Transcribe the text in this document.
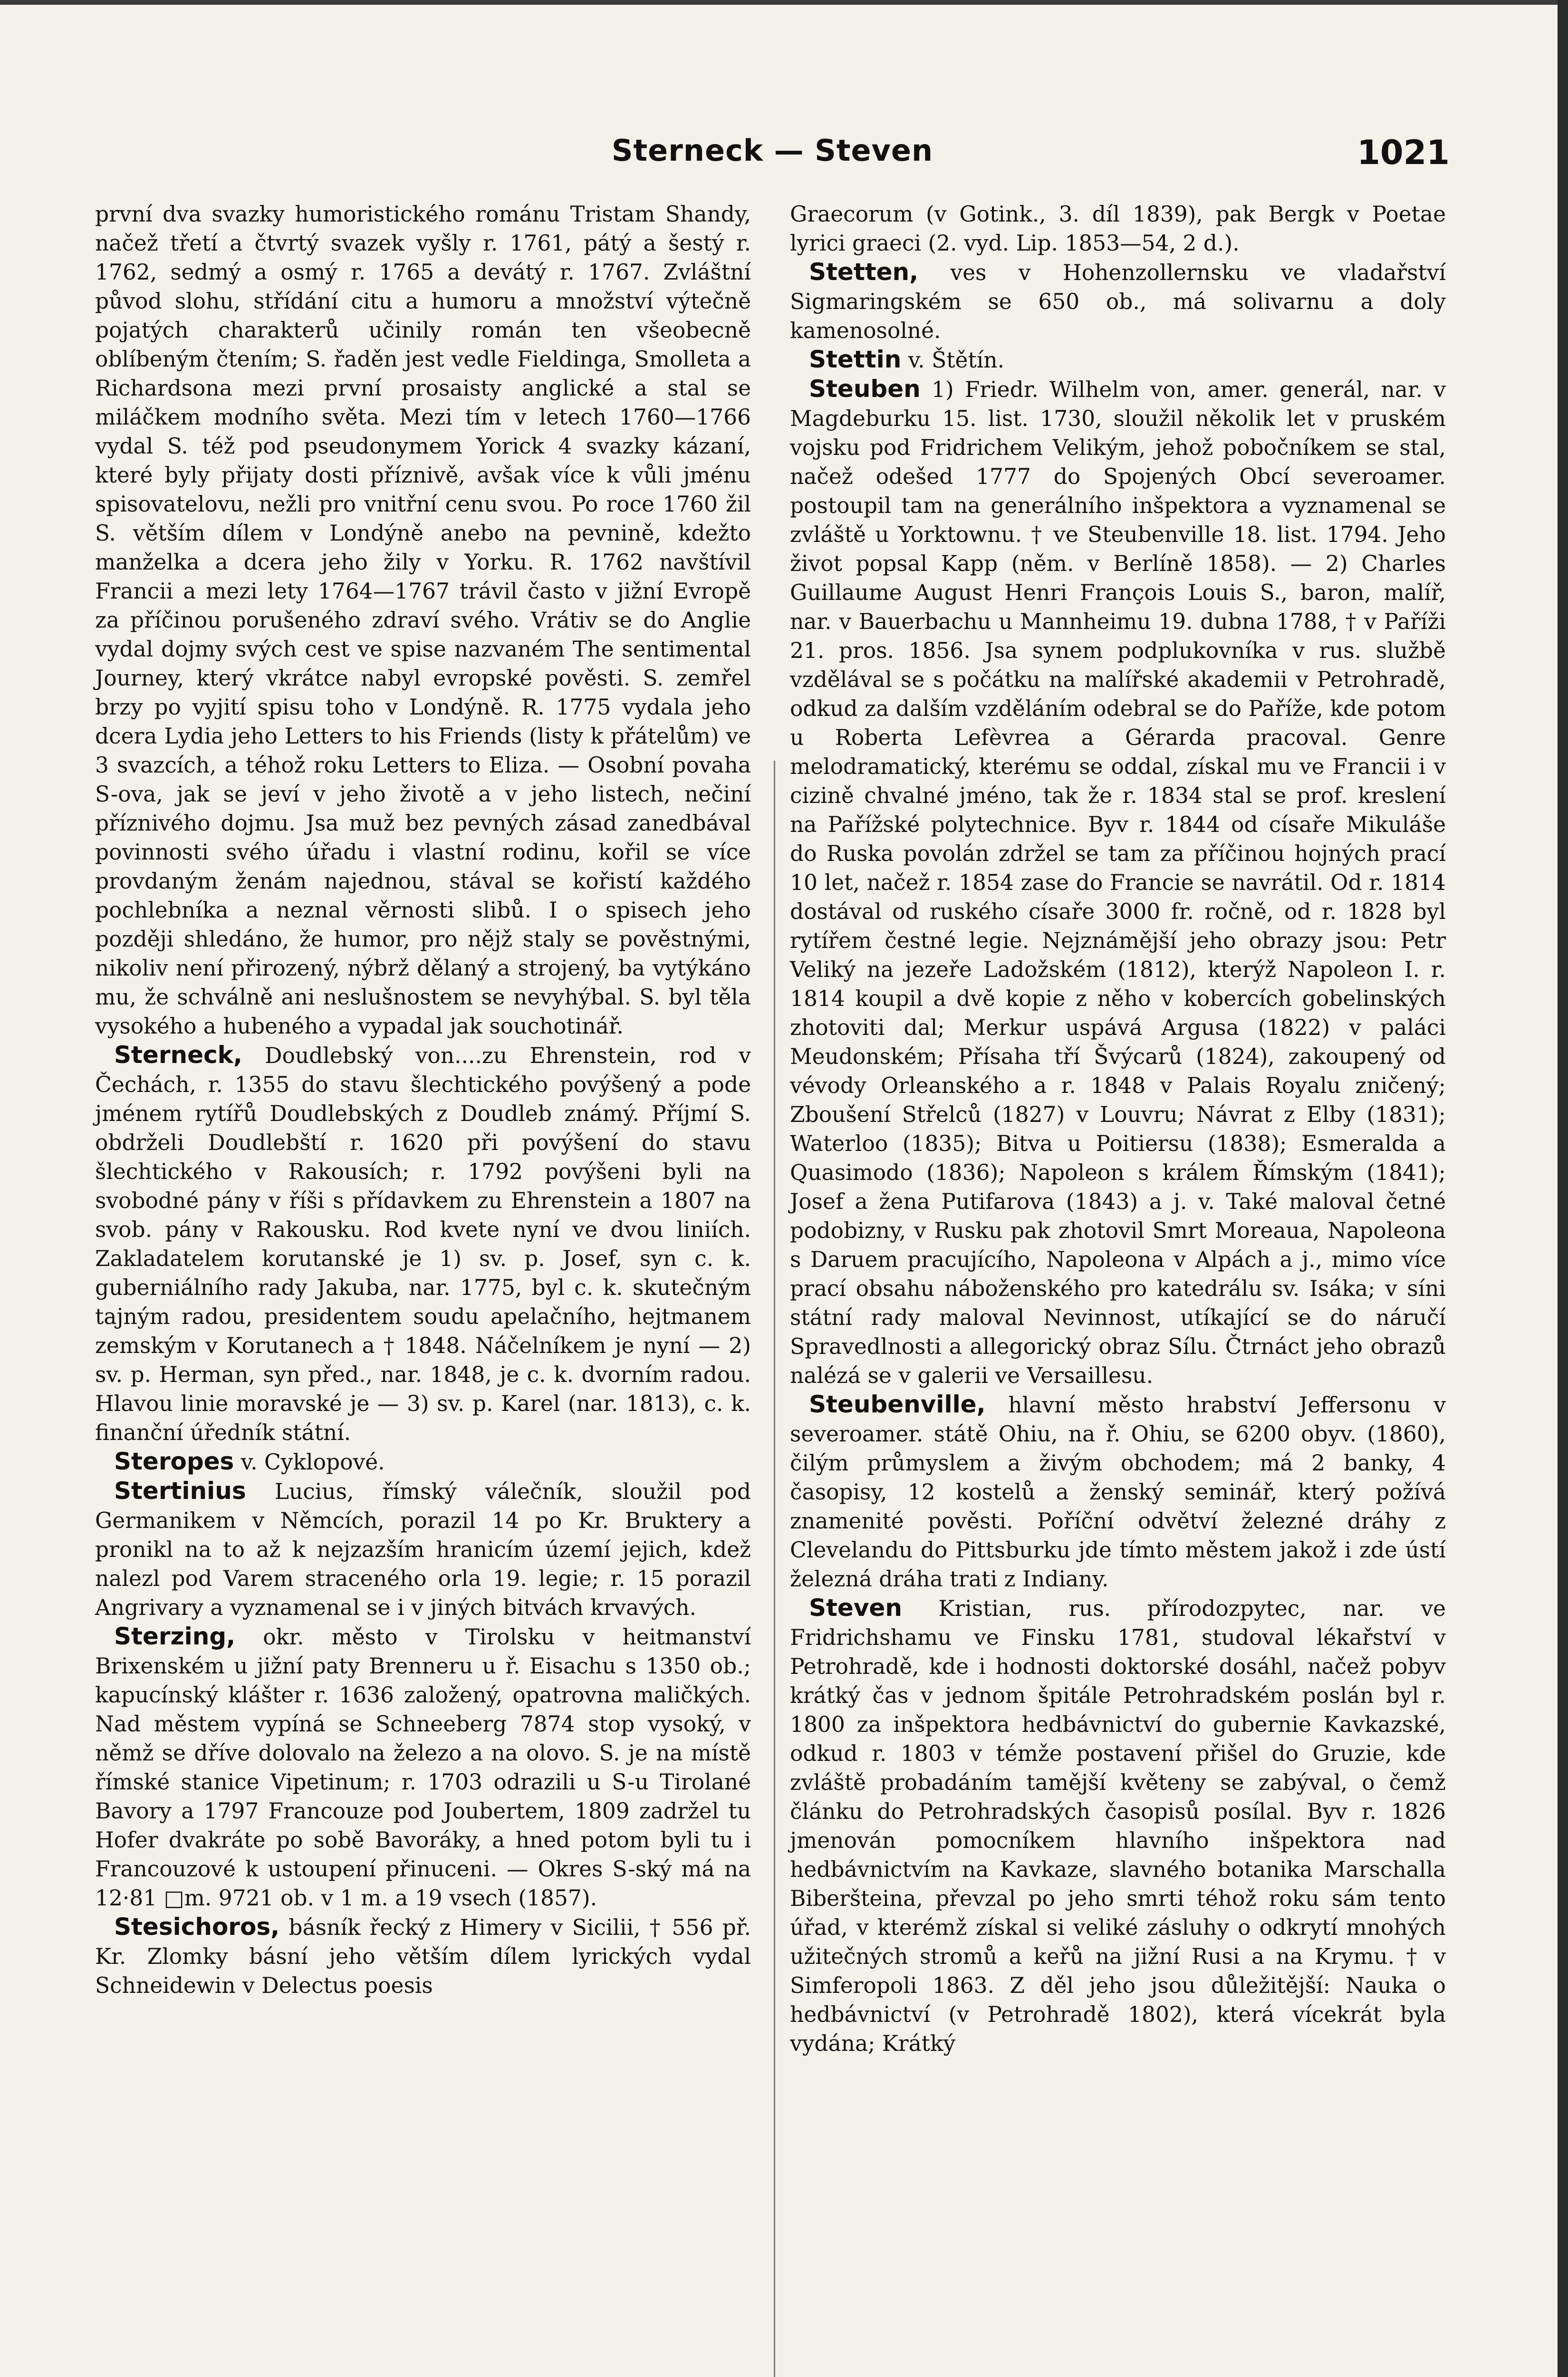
Sterneck — Steven	1021

první dva svazky humoristického románu Tristam Shandy, načež třetí a čtvrtý svazek vyšly r. 1761, pátý a šestý r. 1762, sedmý a osmý r. 1765 a devátý r. 1767. Zvláštní původ slohu, střídání citu a humoru a množství výtečně pojatých charakterů učinily román ten všeobecně oblíbeným čtením; S. řaděn jest vedle Fieldinga, Smolleta a Richardsona mezi první prosaisty anglické a stal se miláčkem modního světa. Mezi tím v letech 1760—1766 vydal S. též pod pseudonymem Yorick 4 svazky kázaní, které byly přijaty dosti příznivě, avšak více k vůli jménu spisovatelovu, nežli pro vnitřní cenu svou. Po roce 1760 žil S. větším dílem v Londýně anebo na pevnině, kdežto manželka a dcera jeho žily v Yorku. R. 1762 navštívil Francii a mezi lety 1764—1767 trávil často v jižní Evropě za příčinou porušeného zdraví svého. Vrátiv se do Anglie vydal dojmy svých cest ve spise nazvaném The sentimental Journey, který vkrátce nabyl evropské pověsti. S. zemřel brzy po vyjití spisu toho v Londýně. R. 1775 vydala jeho dcera Lydia jeho Letters to his Friends (listy k přátelům) ve 3 svazcích, a téhož roku Letters to Eliza. — Osobní povaha S-ova, jak se jeví v jeho životě a v jeho listech, nečiní příznivého dojmu. Jsa muž bez pevných zásad zanedbával povinnosti svého úřadu i vlastní rodinu, kořil se více provdaným ženám najednou, stával se kořistí každého pochlebníka a neznal věrnosti slibů. I o spisech jeho později shledáno, že humor, pro nějž staly se pověstnými, nikoliv není přirozený, nýbrž dělaný a strojený, ba vytýkáno mu, že schválně ani neslušnostem se nevyhýbal. S. byl těla vysokého a hubeného a vypadal jak souchotinář.

Sterneck, Doudlebský von....zu Ehrenstein, rod v Čechách, r. 1355 do stavu šlechtického povýšený a pode jménem rytířů Doudlebských z Doudleb známý. Příjmí S. obdrželi Doudlebští r. 1620 při povýšení do stavu šlechtického v Rakousích; r. 1792 povýšeni byli na svobodné pány v říši s přídavkem zu Ehrenstein a 1807 na svob. pány v Rakousku. Rod kvete nyní ve dvou liniích. Zakladatelem korutanské je 1) sv. p. Josef, syn c. k. guberniálního rady Jakuba, nar. 1775, byl c. k. skutečným tajným radou, presidentem soudu apelačního, hejtmanem zemským v Korutanech a † 1848. Náčelníkem je nyní — 2) sv. p. Herman, syn před., nar. 1848, je c. k. dvorním radou. Hlavou linie moravské je — 3) sv. p. Karel (nar. 1813), c. k. finanční úředník státní.

Steropes v. Cyklopové.

Stertinius Lucius, římský válečník, sloužil pod Germanikem v Němcích, porazil 14 po Kr. Bruktery a pronikl na to až k nejzazším hranicím území jejich, kdež nalezl pod Varem straceného orla 19. legie; r. 15 porazil Angrivary a vyznamenal se i v jiných bitvách krvavých.

Sterzing, okr. město v Tirolsku v heitmanství Brixenském u jižní paty Brenneru u ř. Eisachu s 1350 ob.; kapucínský klášter r. 1636 založený, opatrovna maličkých. Nad městem vypíná se Schneeberg 7874 stop vysoký, v němž se dříve dolovalo na železo a na olovo. S. je na místě římské stanice Vipetinum; r. 1703 odrazili u S-u Tirolané Bavory a 1797 Francouze pod Joubertem, 1809 zadržel tu Hofer dvakráte po sobě Bavoráky, a hned potom byli tu i Francouzové k ustoupení přinuceni. — Okres S-ský má na 12·81 □m. 9721 ob. v 1 m. a 19 vsech (1857).

Stesichoros, básník řecký z Himery v Sicilii, † 556 př. Kr. Zlomky básní jeho větším dílem lyrických vydal Schneidewin v Delectus poesis

Graecorum (v Gotink., 3. díl 1839), pak Bergk v Poetae lyrici graeci (2. vyd. Lip. 1853—54, 2 d.).

Stetten, ves v Hohenzollernsku ve vladařství Sigmaringském se 650 ob., má solivarnu a doly kamenosolné.

Stettin v. Štětín.

Steuben 1) Friedr. Wilhelm von, amer. generál, nar. v Magdeburku 15. list. 1730, sloužil několik let v pruském vojsku pod Fridrichem Velikým, jehož pobočníkem se stal, načež odešed 1777 do Spojených Obcí severoamer. postoupil tam na generálního inšpektora a vyznamenal se zvláště u Yorktownu. † ve Steubenville 18. list. 1794. Jeho život popsal Kapp (něm. v Berlíně 1858). — 2) Charles Guillaume August Henri François Louis S., baron, malíř, nar. v Bauerbachu u Mannheimu 19. dubna 1788, † v Paříži 21. pros. 1856. Jsa synem podplukovníka v rus. službě vzdělával se s počátku na malířské akademii v Petrohradě, odkud za dalším vzděláním odebral se do Paříže, kde potom u Roberta Lefèvrea a Gérarda pracoval. Genre melodramatický, kterému se oddal, získal mu ve Francii i v cizině chvalné jméno, tak že r. 1834 stal se prof. kreslení na Pařížské polytechnice. Byv r. 1844 od císaře Mikuláše do Ruska povolán zdržel se tam za příčinou hojných prací 10 let, načež r. 1854 zase do Francie se navrátil. Od r. 1814 dostával od ruského císaře 3000 fr. ročně, od r. 1828 byl rytířem čestné legie. Nejznámější jeho obrazy jsou: Petr Veliký na jezeře Ladožském (1812), kterýž Napoleon I. r. 1814 koupil a dvě kopie z něho v kobercích gobelinských zhotoviti dal; Merkur uspává Argusa (1822) v paláci Meudonském; Přísaha tří Švýcarů (1824), zakoupený od vévody Orleanského a r. 1848 v Palais Royalu zničený; Zboušení Střelců (1827) v Louvru; Návrat z Elby (1831); Waterloo (1835); Bitva u Poitiersu (1838); Esmeralda a Quasimodo (1836); Napoleon s králem Římským (1841); Josef a žena Putifarova (1843) a j. v. Také maloval četné podobizny, v Rusku pak zhotovil Smrt Moreaua, Napoleona s Daruem pracujícího, Napoleona v Alpách a j., mimo více prací obsahu náboženského pro katedrálu sv. Isáka; v síni státní rady maloval Nevinnost, utíkající se do náručí Spravedlnosti a allegorický obraz Sílu. Čtrnáct jeho obrazů nalézá se v galerii ve Versaillesu.

Steubenville, hlavní město hrabství Jeffersonu v severoamer. státě Ohiu, na ř. Ohiu, se 6200 obyv. (1860), čilým průmyslem a živým obchodem; má 2 banky, 4 časopisy, 12 kostelů a ženský seminář, který požívá znamenité pověsti. Poříční odvětví železné dráhy z Clevelandu do Pittsburku jde tímto městem jakož i zde ústí železná dráha trati z Indiany.

Steven Kristian, rus. přírodozpytec, nar. ve Fridrichshamu ve Finsku 1781, studoval lékařství v Petrohradě, kde i hodnosti doktorské dosáhl, načež pobyv krátký čas v jednom špitále Petrohradském poslán byl r. 1800 za inšpektora hedbávnictví do gubernie Kavkazské, odkud r. 1803 v témže postavení přišel do Gruzie, kde zvláště probadáním tamější květeny se zabýval, o čemž článku do Petrohradských časopisů posílal. Byv r. 1826 jmenován pomocníkem hlavního inšpektora nad hedbávnictvím na Kavkaze, slavného botanika Marschalla Biberšteina, převzal po jeho smrti téhož roku sám tento úřad, v kterémž získal si veliké zásluhy o odkrytí mnohých užitečných stromů a keřů na jižní Rusi a na Krymu. † v Simferopoli 1863. Z děl jeho jsou důležitější: Nauka o hedbávnictví (v Petrohradě 1802), která vícekrát byla vydána; Krátký
